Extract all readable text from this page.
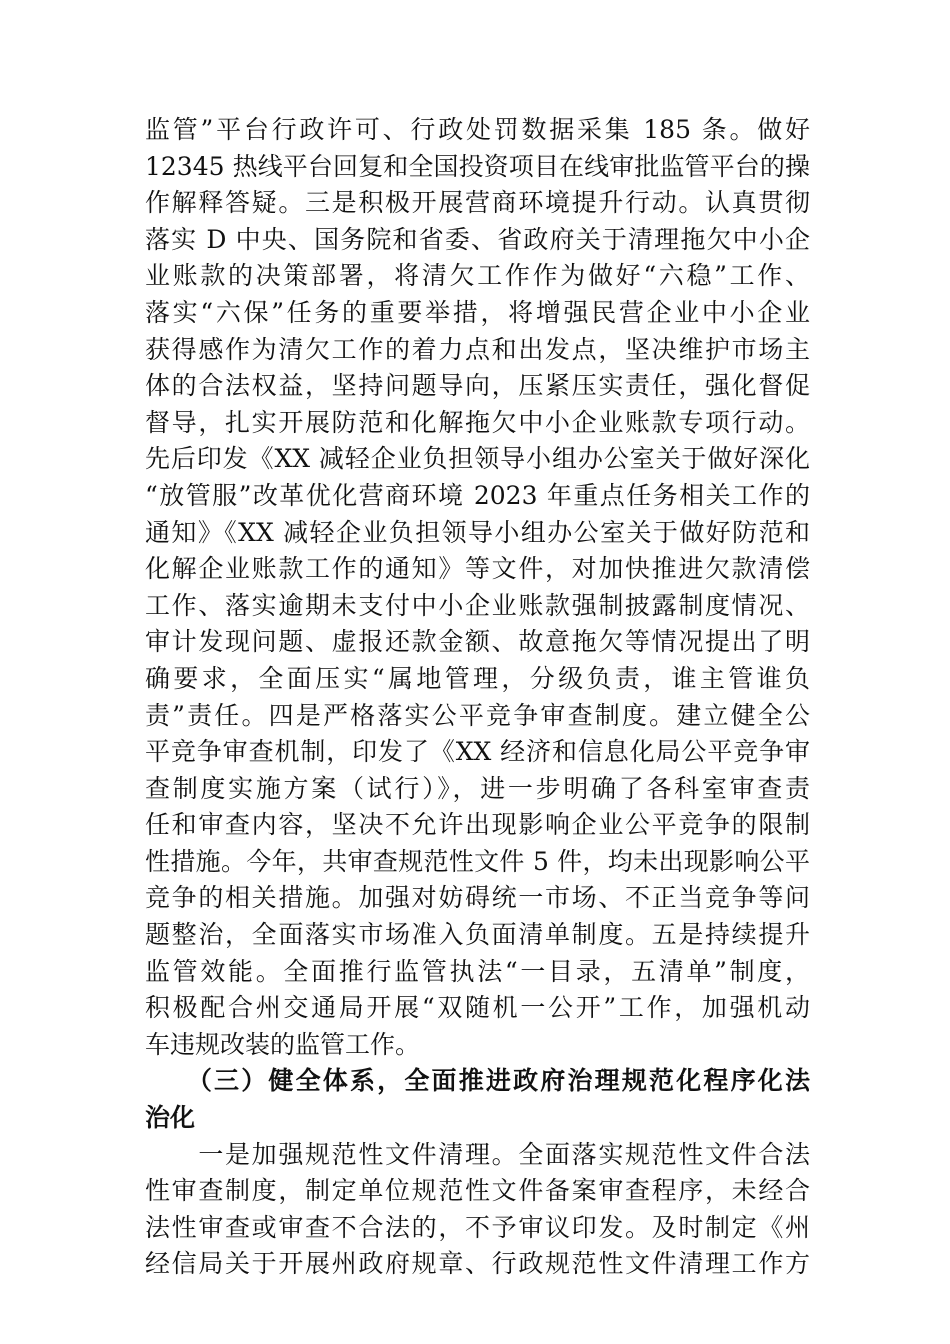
监管”平台行政许可、行政处罚数据采集 185 条。做好
12345 热线平台回复和全国投资项目在线审批监管平台的操
作解释答疑。三是积极开展营商环境提升行动。认真贯彻
落实 D 中央、国务院和省委、省政府关于清理拖欠中小企
业账款的决策部署，将清欠工作作为做好“六稳”工作、
落实“六保”任务的重要举措，将增强民营企业中小企业
获得感作为清欠工作的着力点和出发点，坚决维护市场主
体的合法权益，坚持问题导向，压紧压实责任，强化督促
督导，扎实开展防范和化解拖欠中小企业账款专项行动。
先后印发《XX 减轻企业负担领导小组办公室关于做好深化
“放管服”改革优化营商环境 2023 年重点任务相关工作的
通知》《XX 减轻企业负担领导小组办公室关于做好防范和
化解企业账款工作的通知》等文件，对加快推进欠款清偿
工作、落实逾期未支付中小企业账款强制披露制度情况、
审计发现问题、虚报还款金额、故意拖欠等情况提出了明
确要求，全面压实“属地管理，分级负责，谁主管谁负
责”责任。四是严格落实公平竞争审查制度。建立健全公
平竞争审查机制，印发了《XX 经济和信息化局公平竞争审
查制度实施方案（试行）》，进一步明确了各科室审查责
任和审查内容，坚决不允许出现影响企业公平竞争的限制
性措施。今年，共审查规范性文件 5 件，均未出现影响公平
竞争的相关措施。加强对妨碍统一市场、不正当竞争等问
题整治，全面落实市场准入负面清单制度。五是持续提升
监管效能。全面推行监管执法“一目录，五清单”制度，
积极配合州交通局开展“双随机一公开”工作，加强机动
车违规改装的监管工作。
　　（三）健全体系，全面推进政府治理规范化程序化法
治化
　　一是加强规范性文件清理。全面落实规范性文件合法
性审查制度，制定单位规范性文件备案审查程序，未经合
法性审查或审查不合法的，不予审议印发。及时制定《州
经信局关于开展州政府规章、行政规范性文件清理工作方
